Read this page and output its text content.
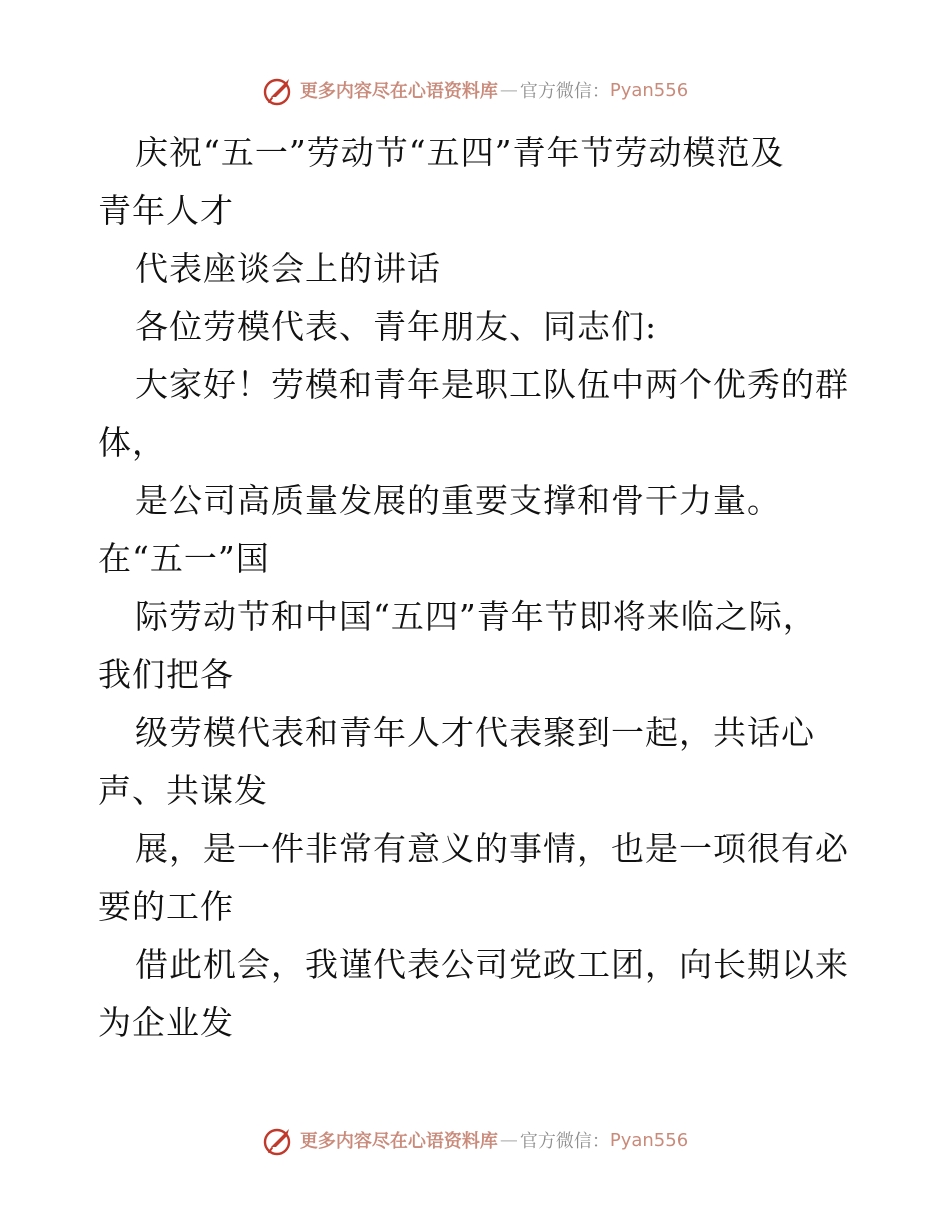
更多内容尽在心语资料库 — 官方微信： Pyan556
庆祝“五一”劳动节“五四”青年节劳动模范及
青年人才
代表座谈会上的讲话
各位劳模代表、青年朋友、同志们:
大家好！劳模和青年是职工队伍中两个优秀的群
体，
是公司高质量发展的重要支撑和骨干力量。
在“五一”国
际劳动节和中国“五四”青年节即将来临之际，
我们把各
级劳模代表和青年人才代表聚到一起，共话心
声、共谋发
展，是一件非常有意义的事情，也是一项很有必
要的工作
借此机会，我谨代表公司党政工团，向长期以来
为企业发
更多内容尽在心语资料库 — 官方微信： Pyan556
